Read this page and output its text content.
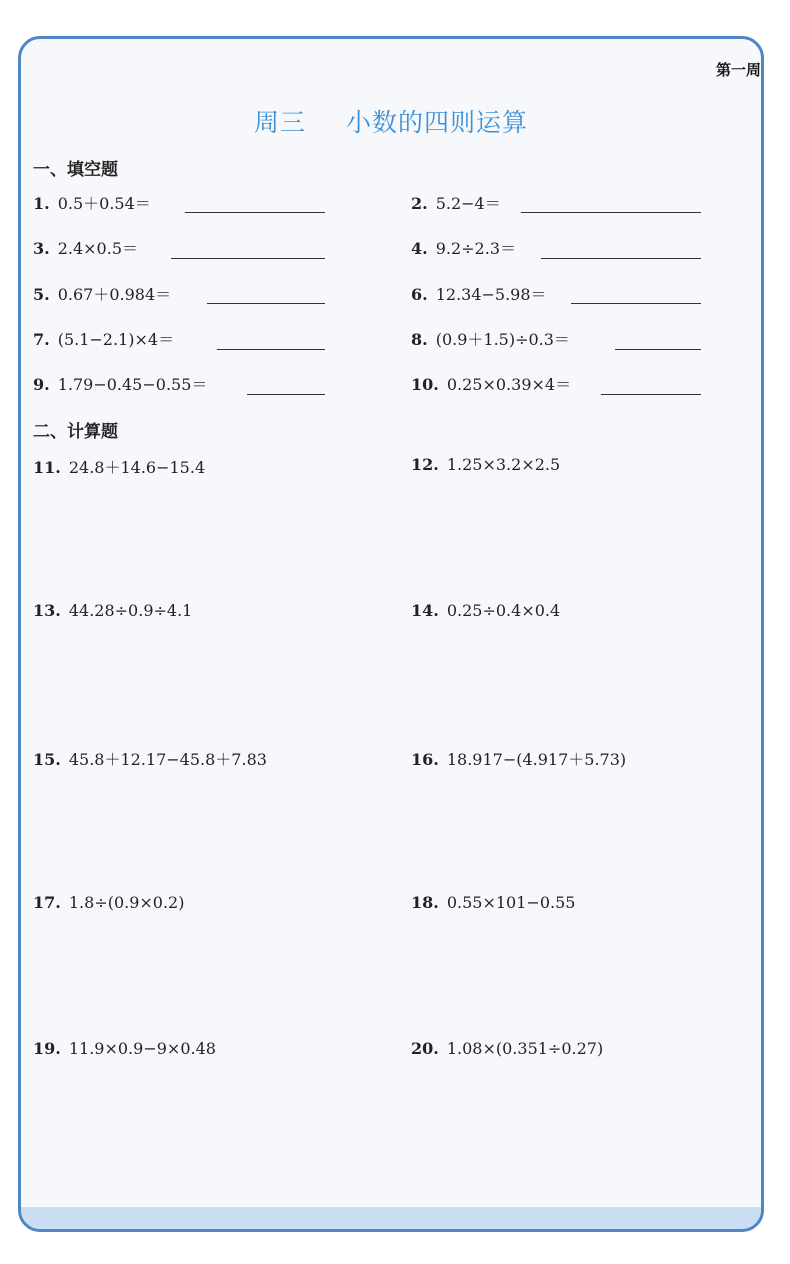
第一周
周三 小数的四则运算
一、填空题
1. 0.5＋0.54＝	2. 5.2−4＝
3. 2.4×0.5＝	4. 9.2÷2.3＝
5. 0.67＋0.984＝	6. 12.34−5.98＝
7. (5.1−2.1)×4＝	8. (0.9＋1.5)÷0.3＝
9. 1.79−0.45−0.55＝	10. 0.25×0.39×4＝
二、计算题
11. 24.8＋14.6−15.4	12. 1.25×3.2×2.5
13. 44.28÷0.9÷4.1	14. 0.25÷0.4×0.4
15. 45.8＋12.17−45.8＋7.83	16. 18.917−(4.917＋5.73)
17. 1.8÷(0.9×0.2)	18. 0.55×101−0.55
19. 11.9×0.9−9×0.48	20. 1.08×(0.351÷0.27)
